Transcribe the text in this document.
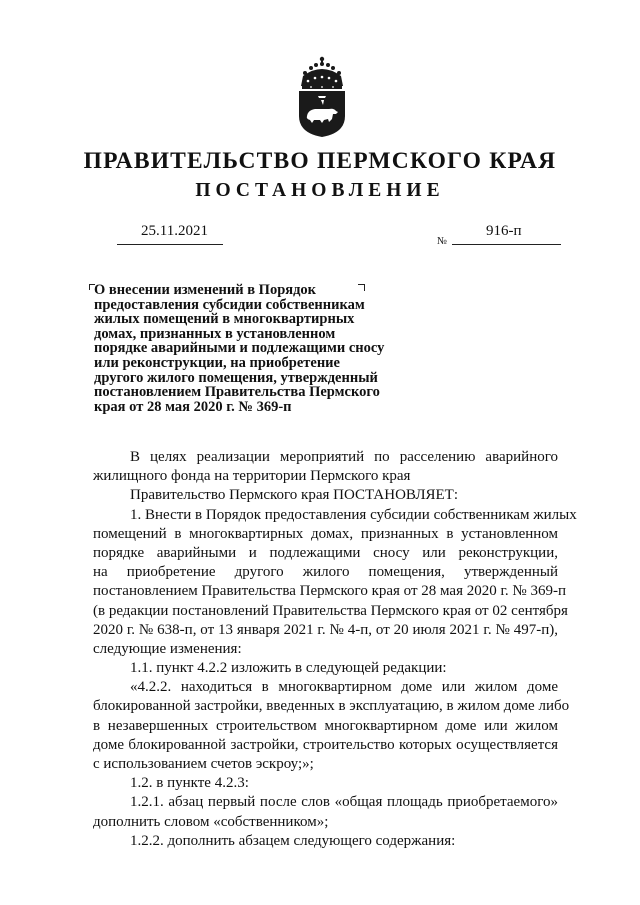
ПРАВИТЕЛЬСТВО ПЕРМСКОГО КРАЯ
ПОСТАНОВЛЕНИЕ
25.11.2021
№
916-п
О внесении изменений в Порядок
предоставления субсидии собственникам
жилых помещений в многоквартирных
домах, признанных в установленном
порядке аварийными и подлежащими сносу
или реконструкции, на приобретение
другого жилого помещения, утвержденный
постановлением Правительства Пермского
края от 28 мая 2020 г. № 369-п
В целях реализации мероприятий по расселению аварийного
жилищного фонда на территории Пермского края
Правительство Пермского края ПОСТАНОВЛЯЕТ:
1. Внести в Порядок предоставления субсидии собственникам жилых
помещений в многоквартирных домах, признанных в установленном
порядке аварийными и подлежащими сносу или реконструкции,
на приобретение другого жилого помещения, утвержденный
постановлением Правительства Пермского края от 28 мая 2020 г. № 369-п
(в редакции постановлений Правительства Пермского края от 02 сентября
2020 г. № 638-п, от 13 января 2021 г. № 4-п, от 20 июля 2021 г. № 497-п),
следующие изменения:
1.1. пункт 4.2.2 изложить в следующей редакции:
«4.2.2. находиться в многоквартирном доме или жилом доме
блокированной застройки, введенных в эксплуатацию, в жилом доме либо
в незавершенных строительством многоквартирном доме или жилом
доме блокированной застройки, строительство которых осуществляется
с использованием счетов эскроу;»;
1.2. в пункте 4.2.3:
1.2.1. абзац первый после слов «общая площадь приобретаемого»
дополнить словом «собственником»;
1.2.2. дополнить абзацем следующего содержания:
